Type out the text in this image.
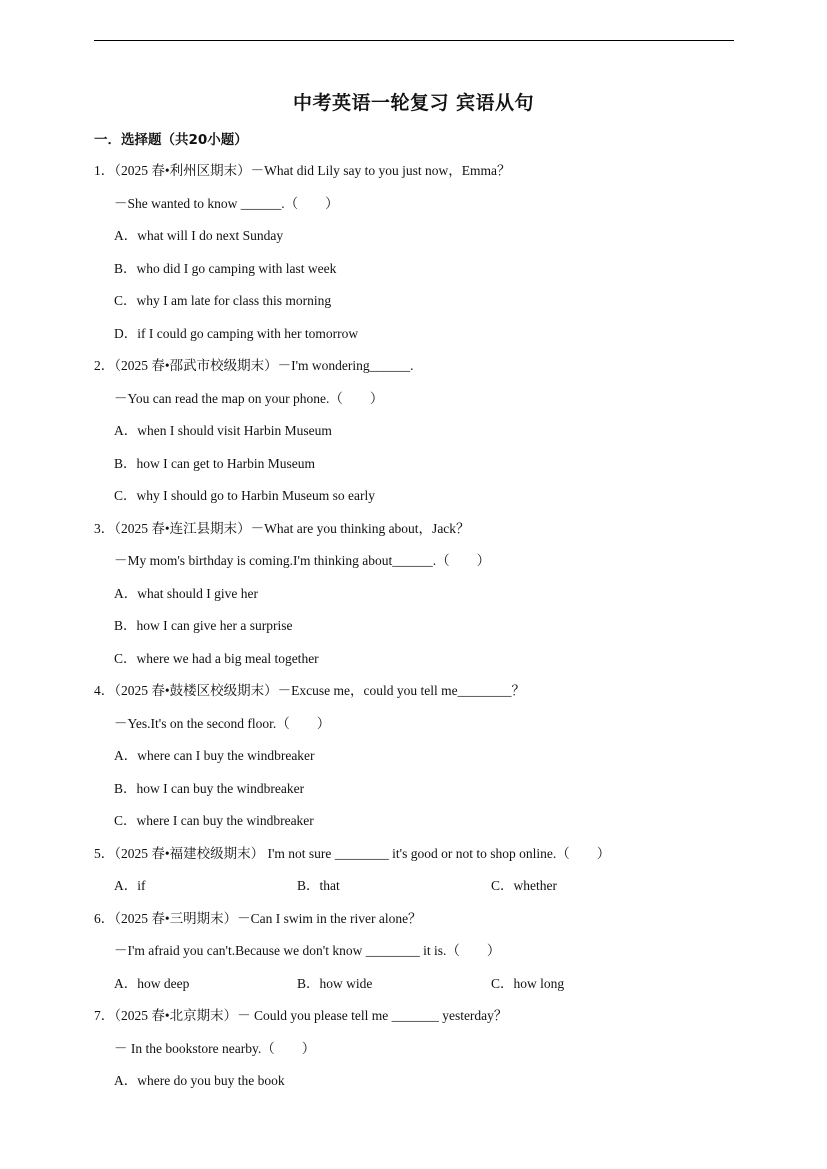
中考英语一轮复习 宾语从句
一．选择题（共20小题）
1．（2025 春•利州区期末）－What did Lily say to you just now，Emma？
－She wanted to know ______.（　　）
A．what will I do next Sunday
B．who did I go camping with last week
C．why I am late for class this morning
D．if I could go camping with her tomorrow
2．（2025 春•邵武市校级期末）－I'm wondering______.
－You can read the map on your phone.（　　）
A．when I should visit Harbin Museum
B．how I can get to Harbin Museum
C．why I should go to Harbin Museum so early
3．（2025 春•连江县期末）－What are you thinking about，Jack？
－My mom's birthday is coming.I'm thinking about______.（　　）
A．what should I give her
B．how I can give her a surprise
C．where we had a big meal together
4．（2025 春•鼓楼区校级期末）－Excuse me，could you tell me________？
－Yes.It's on the second floor.（　　）
A．where can I buy the windbreaker
B．how I can buy the windbreaker
C．where I can buy the windbreaker
5．（2025 春•福建校级期末） I'm not sure ________ it's good or not to shop online.（　　）
A．if	B．that	C．whether
6．（2025 春•三明期末）－Can I swim in the river alone？
－I'm afraid you can't.Because we don't know ________ it is.（　　）
A．how deep	B．how wide	C．how long
7．（2025 春•北京期末）－ Could you please tell me _______ yesterday？
－ In the bookstore nearby.（　　）
A．where do you buy the book
